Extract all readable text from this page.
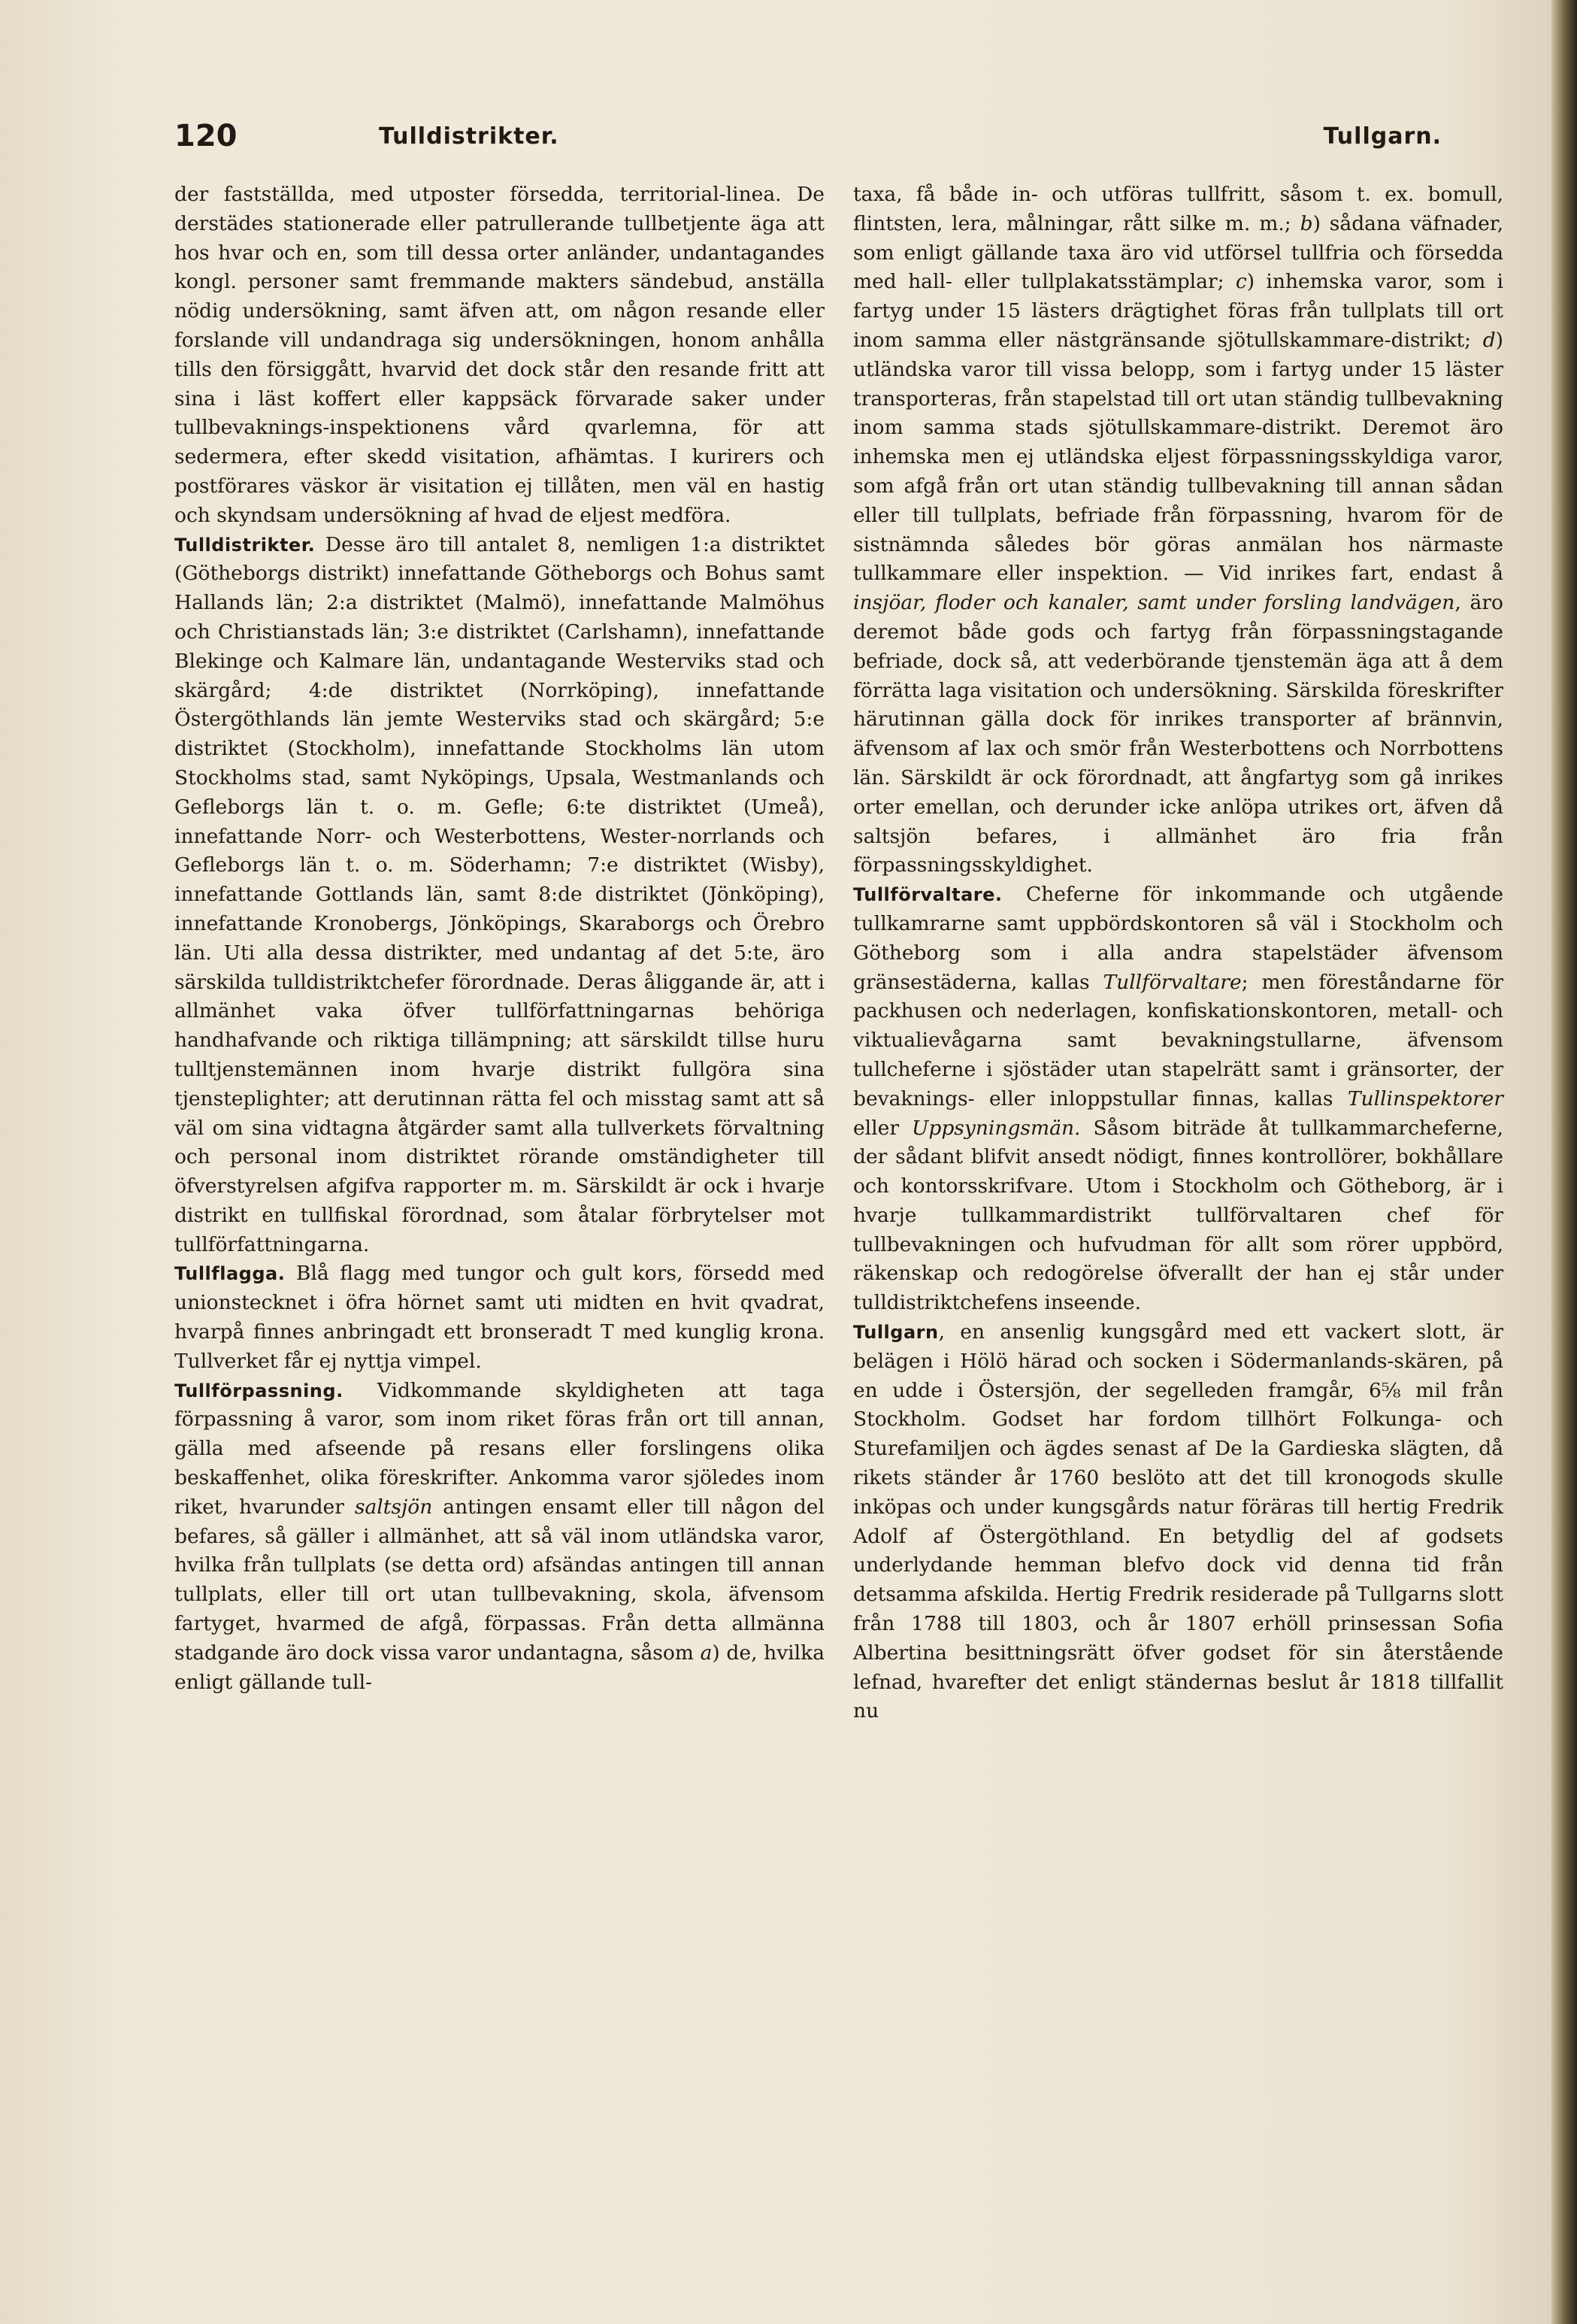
120	Tulldistrikter.	Tullgarn.

der fastställda, med utposter försedda, territorial-linea. De derstädes stationerade eller patrullerande tullbetjente äga att hos hvar och en, som till dessa orter anländer, undantagandes kongl. personer samt fremmande makters sändebud, anställa nödig undersökning, samt äfven att, om någon resande eller forslande vill undandraga sig undersökningen, honom anhålla tills den försiggått, hvarvid det dock står den resande fritt att sina i läst koffert eller kappsäck förvarade saker under tullbevaknings-inspektionens vård qvarlemna, för att sedermera, efter skedd visitation, afhämtas. I kurirers och postförares väskor är visitation ej tillåten, men väl en hastig och skyndsam undersökning af hvad de eljest medföra.

Tulldistrikter. Desse äro till antalet 8, nemligen 1:a distriktet (Götheborgs distrikt) innefattande Götheborgs och Bohus samt Hallands län; 2:a distriktet (Malmö), innefattande Malmöhus och Christianstads län; 3:e distriktet (Carlshamn), innefattande Blekinge och Kalmare län, undantagande Westerviks stad och skärgård; 4:de distriktet (Norrköping), innefattande Östergöthlands län jemte Westerviks stad och skärgård; 5:e distriktet (Stockholm), innefattande Stockholms län utom Stockholms stad, samt Nyköpings, Upsala, Westmanlands och Gefleborgs län t. o. m. Gefle; 6:te distriktet (Umeå), innefattande Norr- och Westerbottens, Wester-norrlands och Gefleborgs län t. o. m. Söderhamn; 7:e distriktet (Wisby), innefattande Gottlands län, samt 8:de distriktet (Jönköping), innefattande Kronobergs, Jönköpings, Skaraborgs och Örebro län. Uti alla dessa distrikter, med undantag af det 5:te, äro särskilda tulldistriktchefer förordnade. Deras åliggande är, att i allmänhet vaka öfver tullförfattningarnas behöriga handhafvande och riktiga tillämpning; att särskildt tillse huru tulltjenstemännen inom hvarje distrikt fullgöra sina tjensteplighter; att derutinnan rätta fel och misstag samt att så väl om sina vidtagna åtgärder samt alla tullverkets förvaltning och personal inom distriktet rörande omständigheter till öfverstyrelsen afgifva rapporter m. m. Särskildt är ock i hvarje distrikt en tullfiskal förordnad, som åtalar förbrytelser mot tullförfattningarna.

Tullflagga. Blå flagg med tungor och gult kors, försedd med unionstecknet i öfra hörnet samt uti midten en hvit qvadrat, hvarpå finnes anbringadt ett bronseradt T med kunglig krona. Tullverket får ej nyttja vimpel.

Tullförpassning. Vidkommande skyldigheten att taga förpassning å varor, som inom riket föras från ort till annan, gälla med afseende på resans eller forslingens olika beskaffenhet, olika föreskrifter. Ankomma varor sjöledes inom riket, hvarunder saltsjön antingen ensamt eller till någon del befares, så gäller i allmänhet, att så väl inom utländska varor, hvilka från tullplats (se detta ord) afsändas antingen till annan tullplats, eller till ort utan tullbevakning, skola, äfvensom fartyget, hvarmed de afgå, förpassas. Från detta allmänna stadgande äro dock vissa varor undantagna, såsom a) de, hvilka enligt gällande tull-

taxa, få både in- och utföras tullfritt, såsom t. ex. bomull, flintsten, lera, målningar, rått silke m. m.; b) sådana väfnader, som enligt gällande taxa äro vid utförsel tullfria och försedda med hall- eller tullplakatsstämplar; c) inhemska varor, som i fartyg under 15 lästers drägtighet föras från tullplats till ort inom samma eller nästgränsande sjötullskammare-distrikt; d) utländska varor till vissa belopp, som i fartyg under 15 läster transporteras, från stapelstad till ort utan ständig tullbevakning inom samma stads sjötullskammare-distrikt. Deremot äro inhemska men ej utländska eljest förpassningsskyldiga varor, som afgå från ort utan ständig tullbevakning till annan sådan eller till tullplats, befriade från förpassning, hvarom för de sistnämnda således bör göras anmälan hos närmaste tullkammare eller inspektion. — Vid inrikes fart, endast å insjöar, floder och kanaler, samt under forsling landvägen, äro deremot både gods och fartyg från förpassningstagande befriade, dock så, att vederbörande tjenstemän äga att å dem förrätta laga visitation och undersökning. Särskilda föreskrifter härutinnan gälla dock för inrikes transporter af brännvin, äfvensom af lax och smör från Westerbottens och Norrbottens län. Särskildt är ock förordnadt, att ångfartyg som gå inrikes orter emellan, och derunder icke anlöpa utrikes ort, äfven då saltsjön befares, i allmänhet äro fria från förpassningsskyldighet.

Tullförvaltare. Cheferne för inkommande och utgående tullkamrarne samt uppbördskontoren så väl i Stockholm och Götheborg som i alla andra stapelstäder äfvensom gränsestäderna, kallas Tullförvaltare; men föreståndarne för packhusen och nederlagen, konfiskationskontoren, metall- och viktualievågarna samt bevakningstullarne, äfvensom tullcheferne i sjöstäder utan stapelrätt samt i gränsorter, der bevaknings- eller inloppstullar finnas, kallas Tullinspektorer eller Uppsyningsmän. Såsom biträde åt tullkammarcheferne, der sådant blifvit ansedt nödigt, finnes kontrollörer, bokhållare och kontorsskrifvare. Utom i Stockholm och Götheborg, är i hvarje tullkammardistrikt tullförvaltaren chef för tullbevakningen och hufvudman för allt som rörer uppbörd, räkenskap och redogörelse öfverallt der han ej står under tulldistriktchefens inseende.

Tullgarn, en ansenlig kungsgård med ett vackert slott, är belägen i Hölö härad och socken i Södermanlands-skären, på en udde i Östersjön, der segelleden framgår, 6⅝ mil från Stockholm. Godset har fordom tillhört Folkunga- och Sturefamiljen och ägdes senast af De la Gardieska slägten, då rikets ständer år 1760 beslöto att det till kronogods skulle inköpas och under kungsgårds natur föräras till hertig Fredrik Adolf af Östergöthland. En betydlig del af godsets underlydande hemman blefvo dock vid denna tid från detsamma afskilda. Hertig Fredrik residerade på Tullgarns slott från 1788 till 1803, och år 1807 erhöll prinsessan Sofia Albertina besittningsrätt öfver godset för sin återstående lefnad, hvarefter det enligt ständernas beslut år 1818 tillfallit nu
